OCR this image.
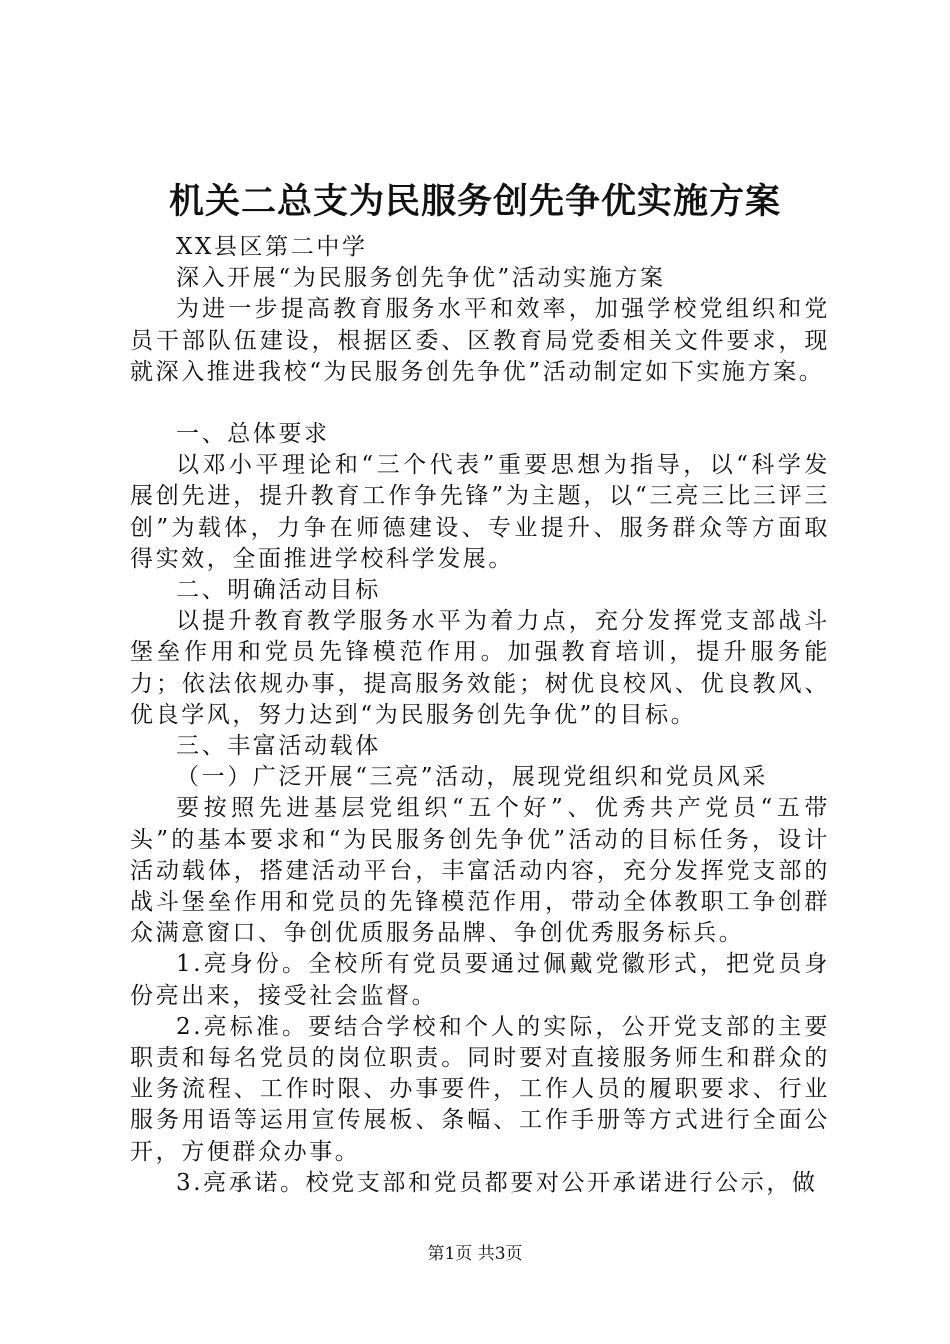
机关二总支为民服务创先争优实施方案

XX县区第二中学

深入开展“为民服务创先争优”活动实施方案

为进一步提高教育服务水平和效率，加强学校党组织和党员干部队伍建设，根据区委、区教育局党委相关文件要求，现就深入推进我校“为民服务创先争优”活动制定如下实施方案。

一、总体要求

以邓小平理论和“三个代表”重要思想为指导，以“科学发展创先进，提升教育工作争先锋”为主题，以“三亮三比三评三创”为载体，力争在师德建设、专业提升、服务群众等方面取得实效，全面推进学校科学发展。

二、明确活动目标

以提升教育教学服务水平为着力点，充分发挥党支部战斗堡垒作用和党员先锋模范作用。加强教育培训，提升服务能力；依法依规办事，提高服务效能；树优良校风、优良教风、优良学风，努力达到“为民服务创先争优”的目标。

三、丰富活动载体

（一）广泛开展“三亮”活动，展现党组织和党员风采

要按照先进基层党组织“五个好”、优秀共产党员“五带头”的基本要求和“为民服务创先争优”活动的目标任务，设计活动载体，搭建活动平台，丰富活动内容，充分发挥党支部的战斗堡垒作用和党员的先锋模范作用，带动全体教职工争创群众满意窗口、争创优质服务品牌、争创优秀服务标兵。

1.亮身份。全校所有党员要通过佩戴党徽形式，把党员身份亮出来，接受社会监督。

2.亮标准。要结合学校和个人的实际，公开党支部的主要职责和每名党员的岗位职责。同时要对直接服务师生和群众的业务流程、工作时限、办事要件，工作人员的履职要求、行业服务用语等运用宣传展板、条幅、工作手册等方式进行全面公开，方便群众办事。

3.亮承诺。校党支部和党员都要对公开承诺进行公示，做

第1页 共3页
